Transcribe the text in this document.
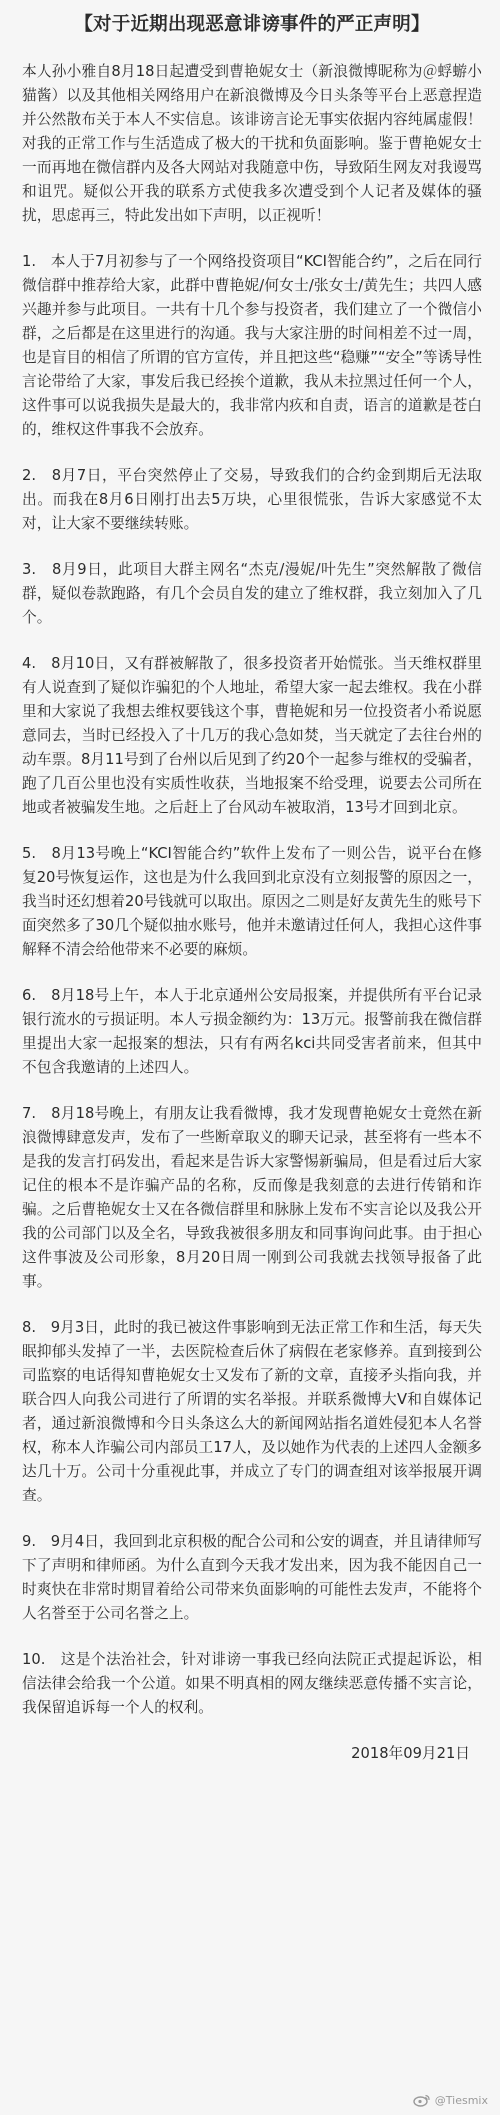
【对于近期出现恶意诽谤事件的严正声明】

本人孙小雅自8月18日起遭受到曹艳妮女士（新浪微博昵称为＠蜉蝣小猫酱）以及其他相关网络用户在新浪微博及今日头条等平台上恶意捏造并公然散布关于本人不实信息。该诽谤言论无事实依据内容纯属虚假！对我的正常工作与生活造成了极大的干扰和负面影响。鉴于曹艳妮女士一而再地在微信群内及各大网站对我随意中伤，导致陌生网友对我谩骂和诅咒。疑似公开我的联系方式使我多次遭受到个人记者及媒体的骚扰，思虑再三，特此发出如下声明，以正视听！

1.　本人于7月初参与了一个网络投资项目“KCI智能合约”，之后在同行微信群中推荐给大家，此群中曹艳妮/何女士/张女士/黄先生；共四人感兴趣并参与此项目。一共有十几个参与投资者，我们建立了一个微信小群，之后都是在这里进行的沟通。我与大家注册的时间相差不过一周，也是盲目的相信了所谓的官方宣传，并且把这些“稳赚”“安全”等诱导性言论带给了大家，事发后我已经挨个道歉，我从未拉黑过任何一个人，这件事可以说我损失是最大的，我非常内疚和自责，语言的道歉是苍白的，维权这件事我不会放弃。

2.　8月7日，平台突然停止了交易，导致我们的合约金到期后无法取出。而我在8月6日刚打出去5万块，心里很慌张，告诉大家感觉不太对，让大家不要继续转账。

3.　8月9日，此项目大群主网名“杰克/漫妮/叶先生”突然解散了微信群，疑似卷款跑路，有几个会员自发的建立了维权群，我立刻加入了几个。

4.　8月10日，又有群被解散了，很多投资者开始慌张。当天维权群里有人说查到了疑似诈骗犯的个人地址，希望大家一起去维权。我在小群里和大家说了我想去维权要钱这个事，曹艳妮和另一位投资者小希说愿意同去，当时已经投入了十几万的我心急如焚，当天就定了去往台州的动车票。8月11号到了台州以后见到了约20个一起参与维权的受骗者，跑了几百公里也没有实质性收获，当地报案不给受理，说要去公司所在地或者被骗发生地。之后赶上了台风动车被取消，13号才回到北京。

5.　8月13号晚上“KCI智能合约”软件上发布了一则公告，说平台在修复20号恢复运作，这也是为什么我回到北京没有立刻报警的原因之一，我当时还幻想着20号钱就可以取出。原因之二则是好友黄先生的账号下面突然多了30几个疑似抽水账号，他并未邀请过任何人，我担心这件事解释不清会给他带来不必要的麻烦。

6.　8月18号上午，本人于北京通州公安局报案，并提供所有平台记录银行流水的亏损证明。本人亏损金额约为：13万元。报警前我在微信群里提出大家一起报案的想法，只有有两名kci共同受害者前来，但其中不包含我邀请的上述四人。

7.　8月18号晚上，有朋友让我看微博，我才发现曹艳妮女士竟然在新浪微博肆意发声，发布了一些断章取义的聊天记录，甚至将有一些本不是我的发言打码发出，看起来是告诉大家警惕新骗局，但是看过后大家记住的根本不是诈骗产品的名称，反而像是我刻意的去进行传销和诈骗。之后曹艳妮女士又在各微信群里和脉脉上发布不实言论以及我公开我的公司部门以及全名，导致我被很多朋友和同事询问此事。由于担心这件事波及公司形象，8月20日周一刚到公司我就去找领导报备了此事。

8.　9月3日，此时的我已被这件事影响到无法正常工作和生活，每天失眠抑郁头发掉了一半，去医院检查后休了病假在老家修养。直到接到公司监察的电话得知曹艳妮女士又发布了新的文章，直接矛头指向我，并联合四人向我公司进行了所谓的实名举报。并联系微博大V和自媒体记者，通过新浪微博和今日头条这么大的新闻网站指名道姓侵犯本人名誉权，称本人诈骗公司内部员工17人，及以她作为代表的上述四人金额多达几十万。公司十分重视此事，并成立了专门的调查组对该举报展开调查。

9.　9月4日，我回到北京积极的配合公司和公安的调查，并且请律师写下了声明和律师函。为什么直到今天我才发出来，因为我不能因自己一时爽快在非常时期冒着给公司带来负面影响的可能性去发声，不能将个人名誉至于公司名誉之上。

10.　这是个法治社会，针对诽谤一事我已经向法院正式提起诉讼，相信法律会给我一个公道。如果不明真相的网友继续恶意传播不实言论，我保留追诉每一个人的权利。

2018年09月21日
@Tiesmix
